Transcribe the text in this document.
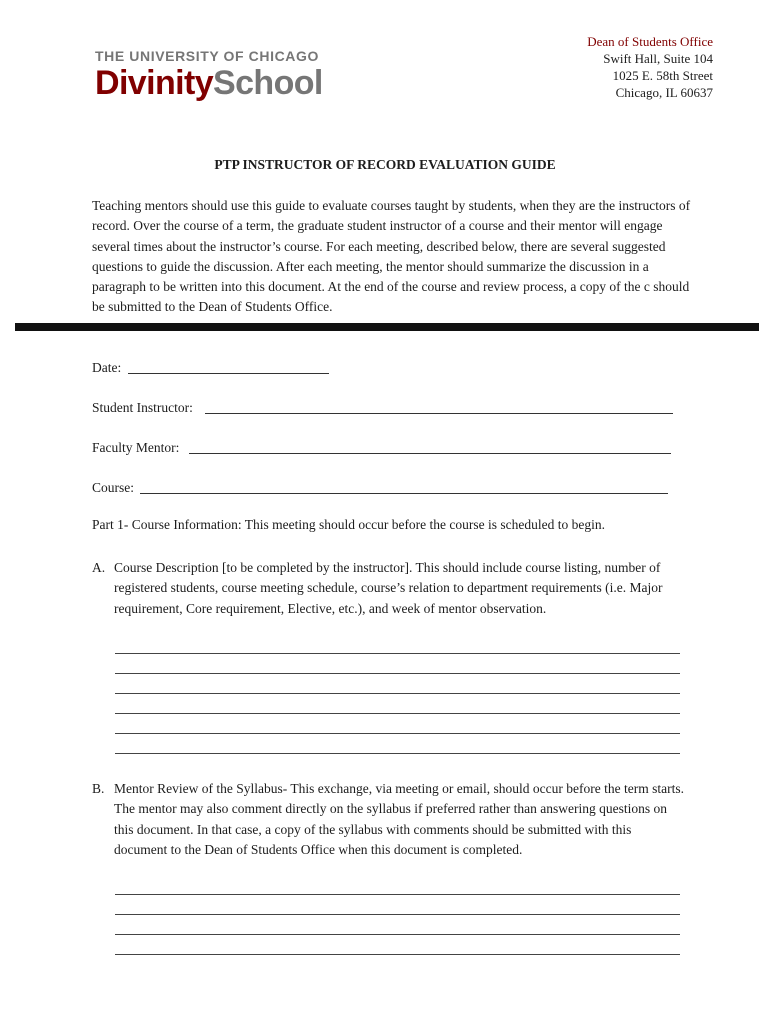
THE UNIVERSITY OF CHICAGO
DivinitySchool
Dean of Students Office
Swift Hall, Suite 104
1025 E. 58th Street
Chicago, IL 60637
PTP INSTRUCTOR OF RECORD EVALUATION GUIDE
Teaching mentors should use this guide to evaluate courses taught by students, when they are the instructors of record. Over the course of a term, the graduate student instructor of a course and their mentor will engage several times about the instructor’s course. For each meeting, described below, there are several suggested questions to guide the discussion. After each meeting, the mentor should summarize the discussion in a paragraph to be written into this document. At the end of the course and review process, a copy of the c should be submitted to the Dean of Students Office.
Date:
Student Instructor:
Faculty Mentor:
Course:
Part 1- Course Information: This meeting should occur before the course is scheduled to begin.
A. Course Description [to be completed by the instructor]. This should include course listing, number of registered students, course meeting schedule, course’s relation to department requirements (i.e. Major requirement, Core requirement, Elective, etc.), and week of mentor observation.
B. Mentor Review of the Syllabus- This exchange, via meeting or email, should occur before the term starts. The mentor may also comment directly on the syllabus if preferred rather than answering questions on this document. In that case, a copy of the syllabus with comments should be submitted with this document to the Dean of Students Office when this document is completed.
